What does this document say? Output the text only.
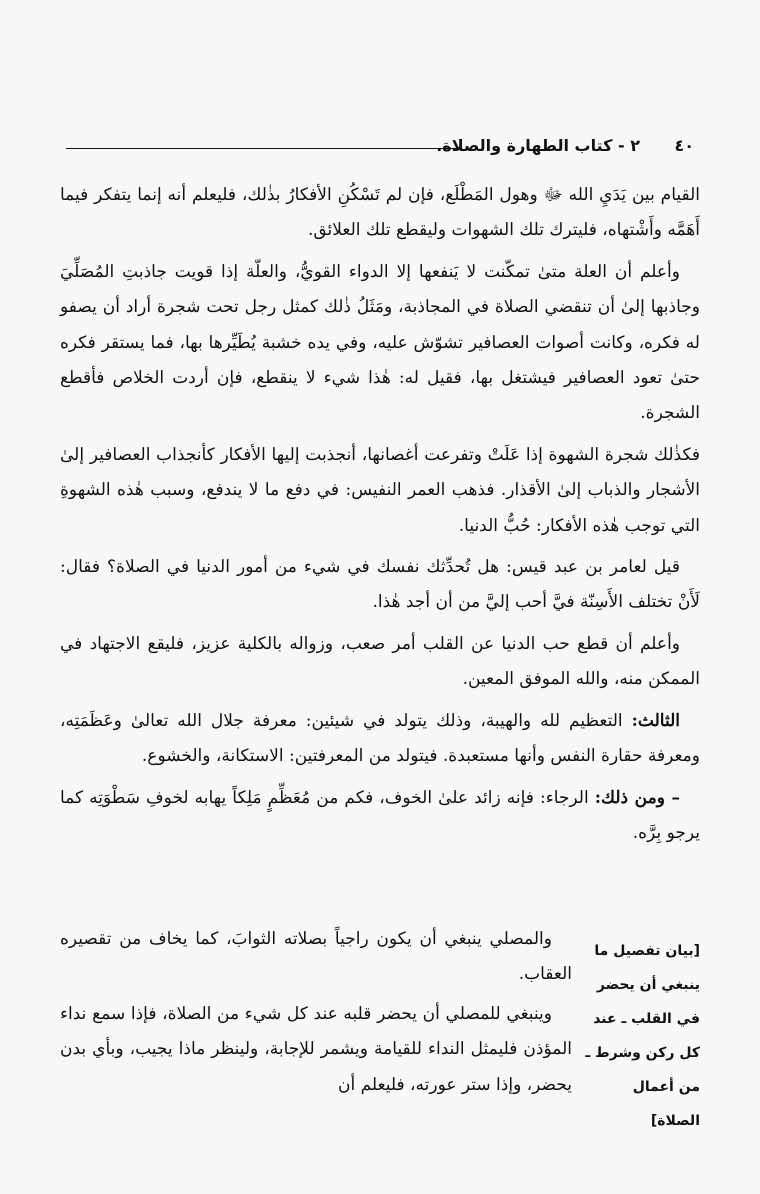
٤٠
٢ - كتاب الطهارة والصلاة.

القيام بين يَدَيِ الله ﷻ وهول المَطْلَع، فإن لم تَسْكُنِ الأفكارُ بذٰلك، فليعلم أنه إنما يتفكر فيما أَهَمَّه وأَشْتهاه، فليترك تلك الشهوات وليقطع تلك العلائق.

وأعلم أن العلة متىٰ تمكّنت لا يَنفعها إلا الدواء القويُّ، والعلّة إذا قويت جاذبتِ المُصَلِّيَ وجاذبها إلىٰ أن تنقضي الصلاة في المجاذبة، ومَثَلُ ذٰلك كمثل رجل تحت شجرة أراد أن يصفو له فكره، وكانت أصوات العصافير تشوّش عليه، وفي يده خشبة يُطَيِّرها بها، فما يستقر فكره حتىٰ تعود العصافير فيشتغل بها، فقيل له: هٰذا شيء لا ينقطع، فإن أردت الخلاص فأقطع الشجرة.

فكذٰلك شجرة الشهوة إذا عَلَتْ وتفرعت أغصانها، أنجذبت إليها الأفكار كأنجذاب العصافير إلىٰ الأشجار والذباب إلىٰ الأقذار. فذهب العمر النفيس: في دفع ما لا يندفع، وسبب هٰذه الشهوةِ التي توجب هٰذه الأفكار: حُبُّ الدنيا.

قيل لعامر بن عبد قيس: هل تُحدِّثك نفسك في شيء من أمور الدنيا في الصلاة؟ فقال: لَأَنْ تختلف الأَسِنّة فيَّ أحب إليَّ من أن أجد هٰذا.

وأعلم أن قطع حب الدنيا عن القلب أمر صعب، وزواله بالكلية عزيز، فليقع الاجتهاد في الممكن منه، والله الموفق المعين.

الثالث: التعظيم لله والهيبة، وذلك يتولد في شيئين: معرفة جلال الله تعالىٰ وعَظَمَتِه، ومعرفة حقارة النفس وأنها مستعبدة. فيتولد من المعرفتين: الاستكانة، والخشوع.

– ومن ذلك: الرجاء: فإنه زائد علىٰ الخوف، فكم من مُعَظِّمٍ مَلِكاً يهابه لخوفِ سَطْوَتِه كما يرجو بِرَّه.

[بيان تفصيل ما ينبغي أن يحضر في القلب ـ عند كل ركن وشرط ـ من أعمال الصلاة]

والمصلي ينبغي أن يكون راجياً بصلاته الثوابَ، كما يخاف من تقصيره العقاب.

وينبغي للمصلي أن يحضر قلبه عند كل شيء من الصلاة، فإذا سمع نداء المؤذن فليمثل النداء للقيامة ويشمر للإجابة، ولينظر ماذا يجيب، وبأي بدن يحضر، وإذا ستر عورته، فليعلم أن
